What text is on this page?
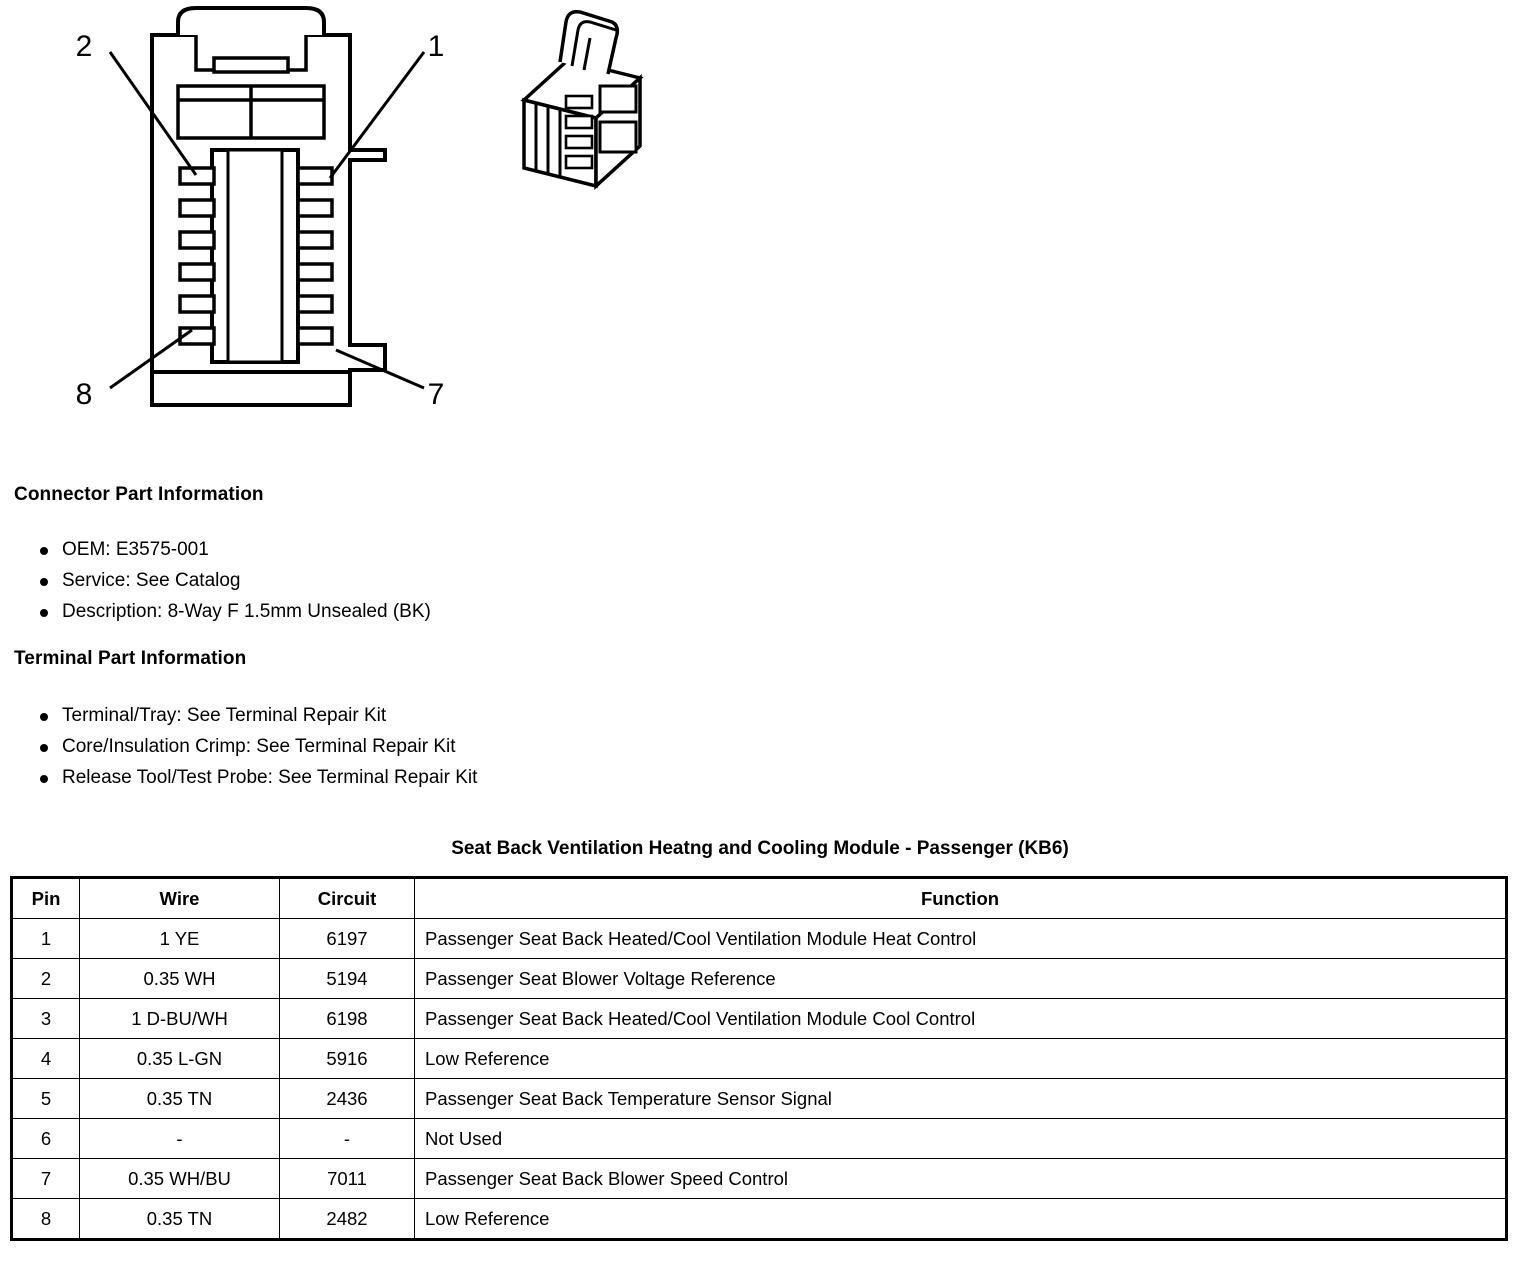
2	1
8	7
Connector Part Information
OEM: E3575-001
Service: See Catalog
Description: 8-Way F 1.5mm Unsealed (BK)
Terminal Part Information
Terminal/Tray: See Terminal Repair Kit
Core/Insulation Crimp: See Terminal Repair Kit
Release Tool/Test Probe: See Terminal Repair Kit
Seat Back Ventilation Heatng and Cooling Module - Passenger (KB6)
Pin	Wire	Circuit	Function
1	1 YE	6197	Passenger Seat Back Heated/Cool Ventilation Module Heat Control
2	0.35 WH	5194	Passenger Seat Blower Voltage Reference
3	1 D-BU/WH	6198	Passenger Seat Back Heated/Cool Ventilation Module Cool Control
4	0.35 L-GN	5916	Low Reference
5	0.35 TN	2436	Passenger Seat Back Temperature Sensor Signal
6	-	-	Not Used
7	0.35 WH/BU	7011	Passenger Seat Back Blower Speed Control
8	0.35 TN	2482	Low Reference
